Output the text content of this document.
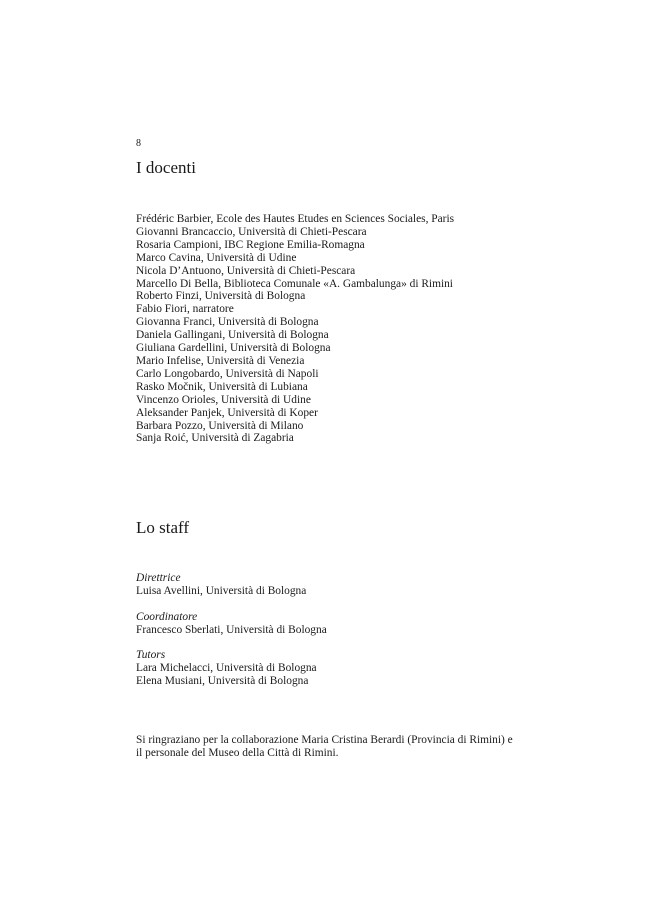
8
I docenti
Frédéric Barbier, Ecole des Hautes Etudes en Sciences Sociales, Paris
Giovanni Brancaccio, Università di Chieti-Pescara
Rosaria Campioni, IBC Regione Emilia-Romagna
Marco Cavina, Università di Udine
Nicola D’Antuono, Università di Chieti-Pescara
Marcello Di Bella, Biblioteca Comunale «A. Gambalunga» di Rimini
Roberto Finzi, Università di Bologna
Fabio Fiori, narratore
Giovanna Franci, Università di Bologna
Daniela Gallingani, Università di Bologna
Giuliana Gardellini, Università di Bologna
Mario Infelise, Università di Venezia
Carlo Longobardo, Università di Napoli
Rasko Močnik, Università di Lubiana
Vincenzo Orioles, Università di Udine
Aleksander Panjek, Università di Koper
Barbara Pozzo, Università di Milano
Sanja Roić, Università di Zagabria
Lo staff
Direttrice
Luisa Avellini, Università di Bologna
Coordinatore
Francesco Sberlati, Università di Bologna
Tutors
Lara Michelacci, Università di Bologna
Elena Musiani, Università di Bologna

Si ringraziano per la collaborazione Maria Cristina Berardi (Provincia di Rimini) e
il personale del Museo della Città di Rimini.
